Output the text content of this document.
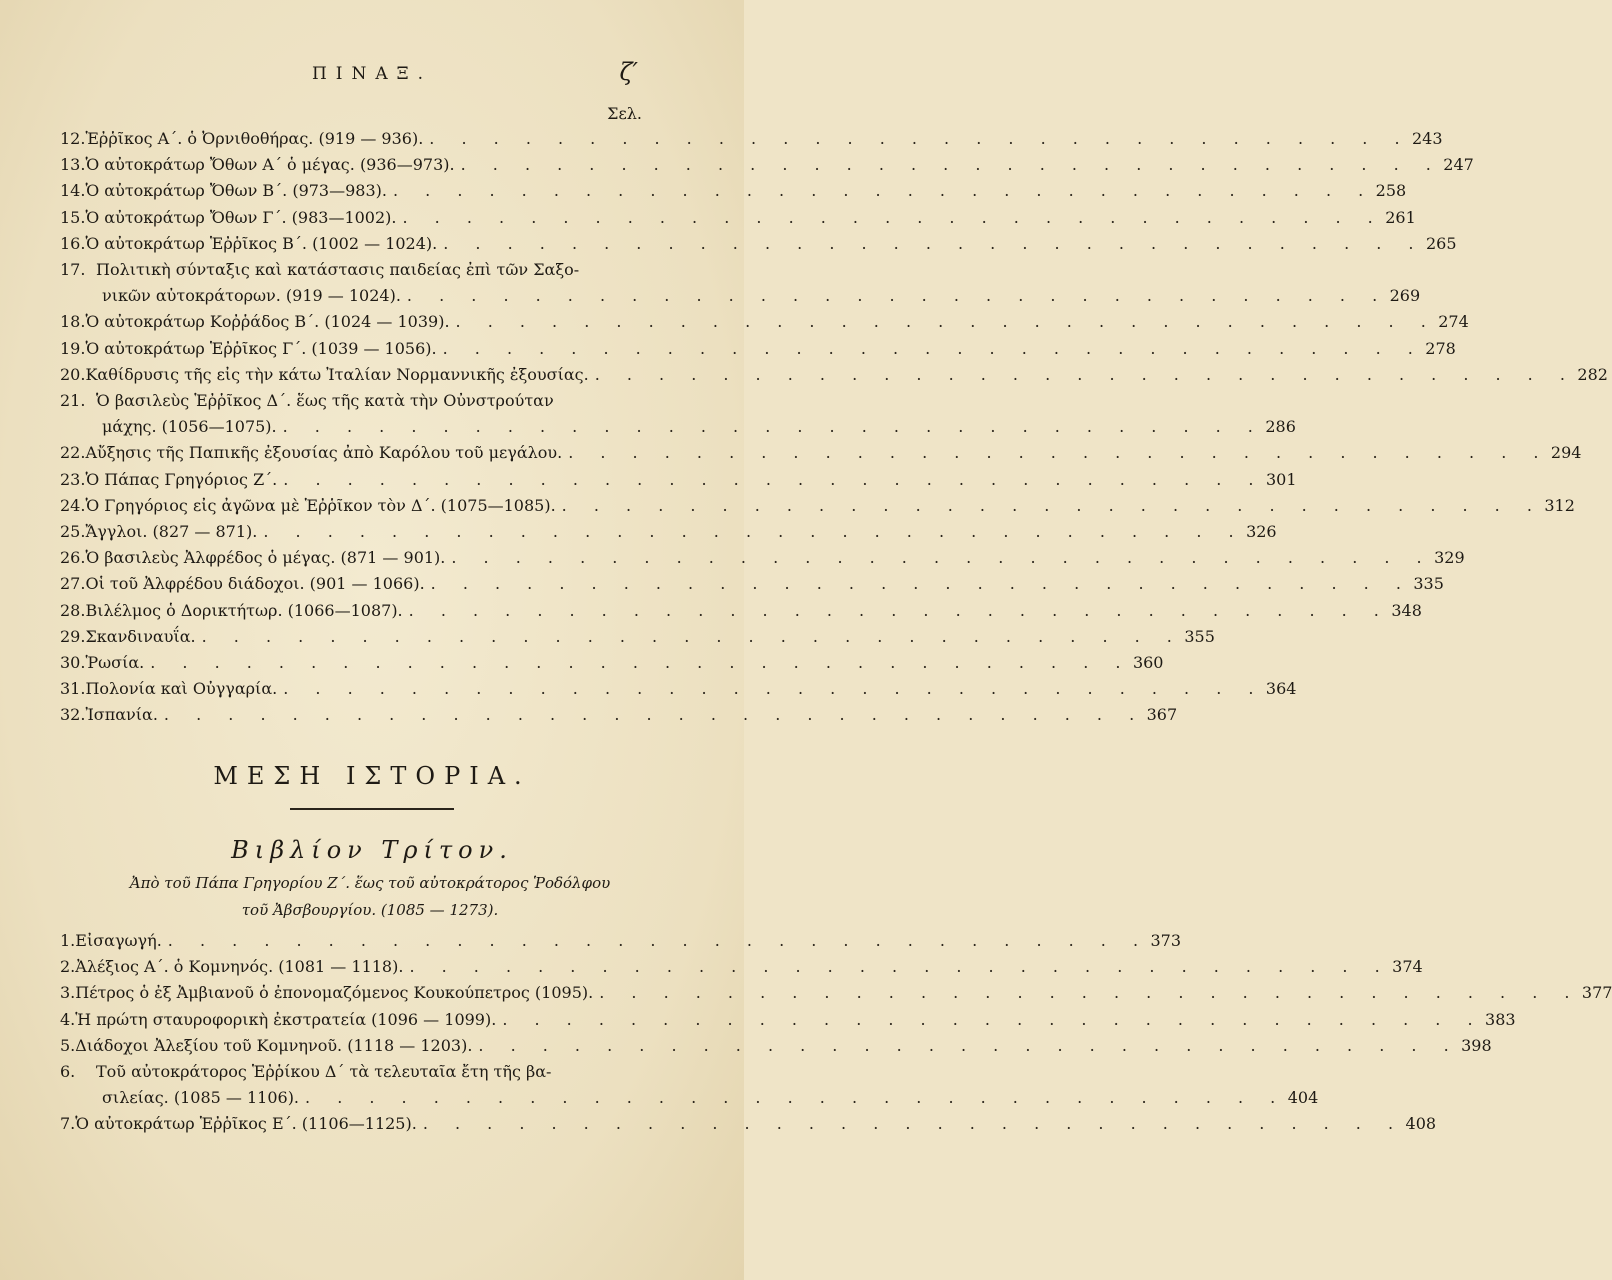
ΠΙΝΑΞ.	ζ′
Σελ.
12. Ἑῤῥῖκος Α΄. ὁ Ὀρνιθοθήρας. (919 — 936). . . . . . . . . . . . . . . . . . . . . . . . . . . . . . . . 243
13. Ὁ αὐτοκράτωρ Ὄθων Α΄ ὁ μέγας. (936—973). . . . . . . . . . . . . . . . . . . . . . . . . . . . . . . . 247
14. Ὁ αὐτοκράτωρ Ὄθων Β΄. (973—983). . . . . . . . . . . . . . . . . . . . . . . . . . . . . . . . 258
15. Ὁ αὐτοκράτωρ Ὄθων Γ΄. (983—1002). . . . . . . . . . . . . . . . . . . . . . . . . . . . . . . . 261
16. Ὁ αὐτοκράτωρ Ἑῤῥῖκος Β΄. (1002 — 1024). . . . . . . . . . . . . . . . . . . . . . . . . . . . . . . . 265
17. Πολιτικὴ σύνταξις καὶ κατάστασις παιδείας ἐπὶ τῶν Σαξο-
νικῶν αὐτοκράτορων. (919 — 1024). . . . . . . . . . . . . . . . . . . . . . . . . . . . . . . . 269
18. Ὁ αὐτοκράτωρ Κοῤῥάδος Β΄. (1024 — 1039). . . . . . . . . . . . . . . . . . . . . . . . . . . . . . . . 274
19. Ὁ αὐτοκράτωρ Ἑῤῥῖκος Γ΄. (1039 — 1056). . . . . . . . . . . . . . . . . . . . . . . . . . . . . . . . 278
20. Καθίδρυσις τῆς εἰς τὴν κάτω Ἰταλίαν Νορμαννικῆς ἐξουσίας. . . . . . . . . . . . . . . . . . . . . . . . . . . . . . . . 282
21. Ὁ βασιλεὺς Ἑῤῥῖκος Δ΄. ἕως τῆς κατὰ τὴν Οὐνστρούταν
μάχης. (1056—1075). . . . . . . . . . . . . . . . . . . . . . . . . . . . . . . . 286
22. Αὔξησις τῆς Παπικῆς ἐξουσίας ἀπὸ Καρόλου τοῦ μεγάλου. . . . . . . . . . . . . . . . . . . . . . . . . . . . . . . . 294
23. Ὁ Πάπας Γρηγόριος Ζ΄. . . . . . . . . . . . . . . . . . . . . . . . . . . . . . . . 301
24. Ὁ Γρηγόριος εἰς ἀγῶνα μὲ Ἑῤῥῖκον τὸν Δ΄. (1075—1085). . . . . . . . . . . . . . . . . . . . . . . . . . . . . . . . 312
25. Ἄγγλοι. (827 — 871). . . . . . . . . . . . . . . . . . . . . . . . . . . . . . . . 326
26. Ὁ βασιλεὺς Ἀλφρέδος ὁ μέγας. (871 — 901). . . . . . . . . . . . . . . . . . . . . . . . . . . . . . . . 329
27. Οἱ τοῦ Ἀλφρέδου διάδοχοι. (901 — 1066). . . . . . . . . . . . . . . . . . . . . . . . . . . . . . . . 335
28. Βιλέλμος ὁ Δορικτήτωρ. (1066—1087). . . . . . . . . . . . . . . . . . . . . . . . . . . . . . . . 348
29. Σκανδιναυΐα. . . . . . . . . . . . . . . . . . . . . . . . . . . . . . . . 355
30. Ῥωσία. . . . . . . . . . . . . . . . . . . . . . . . . . . . . . . . 360
31. Πολονία καὶ Οὐγγαρία. . . . . . . . . . . . . . . . . . . . . . . . . . . . . . . . 364
32. Ἰσπανία. . . . . . . . . . . . . . . . . . . . . . . . . . . . . . . . 367
ΜΕΣΗ ΙΣΤΟΡΙΑ.
Βιβλίον Τρίτον.
Ἀπὸ τοῦ Πάπα Γρηγορίου Ζ΄. ἕως τοῦ αὐτοκράτορος Ῥοδόλφου
τοῦ Ἀβσβουργίου. (1085 — 1273).
1. Εἰσαγωγή. . . . . . . . . . . . . . . . . . . . . . . . . . . . . . . . 373
2. Ἀλέξιος Α΄. ὁ Κομνηνός. (1081 — 1118). . . . . . . . . . . . . . . . . . . . . . . . . . . . . . . . 374
3. Πέτρος ὁ ἐξ Ἀμβιανοῦ ὁ ἐπονομαζόμενος Κουκούπετρος (1095). . . . . . . . . . . . . . . . . . . . . . . . . . . . . . . . 377
4. Ἡ πρώτη σταυροφορικὴ ἐκστρατεία (1096 — 1099). . . . . . . . . . . . . . . . . . . . . . . . . . . . . . . . 383
5. Διάδοχοι Ἀλεξίου τοῦ Κομνηνοῦ. (1118 — 1203). . . . . . . . . . . . . . . . . . . . . . . . . . . . . . . . 398
6.	Τοῦ αὐτοκράτορος Ἑῤῥίκου Δ΄ τὰ τελευταῖα ἔτη τῆς βα-
σιλείας. (1085 — 1106). . . . . . . . . . . . . . . . . . . . . . . . . . . . . . . . 404
7. Ὁ αὐτοκράτωρ Ἑῤῥῖκος Ε΄. (1106—1125). . . . . . . . . . . . . . . . . . . . . . . . . . . . . . . . 408
